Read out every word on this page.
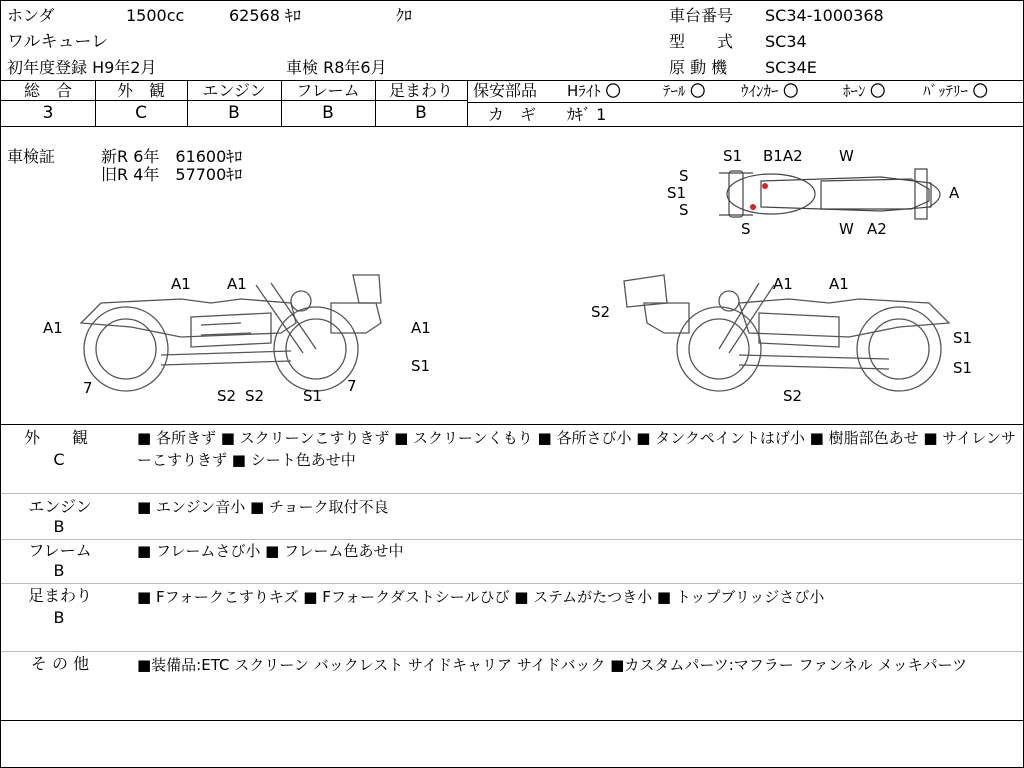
ホンダ	1500cc	62568 ｷﾛ	ｸﾛ
ワルキューレ
初年度登録 H9年2月	車検 R8年6月
車台番号 SC34-1000368
型　　式 SC34
原 動 機 SC34E
総　合
3
外　観
C
エンジン
B
フレーム
B
足まわり
B
保安部品 Hﾗｲﾄ 〇	ﾃｰﾙ 〇 ｳｲﾝｶｰ 〇	ﾎｰﾝ 〇	ﾊﾞｯﾃﾘｰ 〇
カ　ギ ｶｷﾞ 1
車検証	新R 6年　61600ｷﾛ
旧R 4年　57700ｷﾛ
S1 B1A2 W
S
S1
S
A
S	W A2
A1 A1
A1	A1
7	S2 S2	S1
7
S1
S2
A1 A1
S1
S1
S2
外　　観
C
■ 各所きず ■ スクリーンこすりきず ■ スクリーンくもり ■ 各所さび小 ■ タンクペイントはげ小 ■ 樹脂部色あせ ■ サイレンサーこすりきず ■ シート色あせ中
エンジン
B
■ エンジン音小 ■ チョーク取付不良
フレーム
B
■ フレームさび小 ■ フレーム色あせ中
足まわり
B
■ Fフォークこすりキズ ■ Fフォークダストシールひび ■ ステムがたつき小 ■ トップブリッジさび小
そ の 他	■装備品:ETC スクリーン バックレスト サイドキャリア サイドバック ■カスタムパーツ:マフラー ファンネル メッキパーツ
